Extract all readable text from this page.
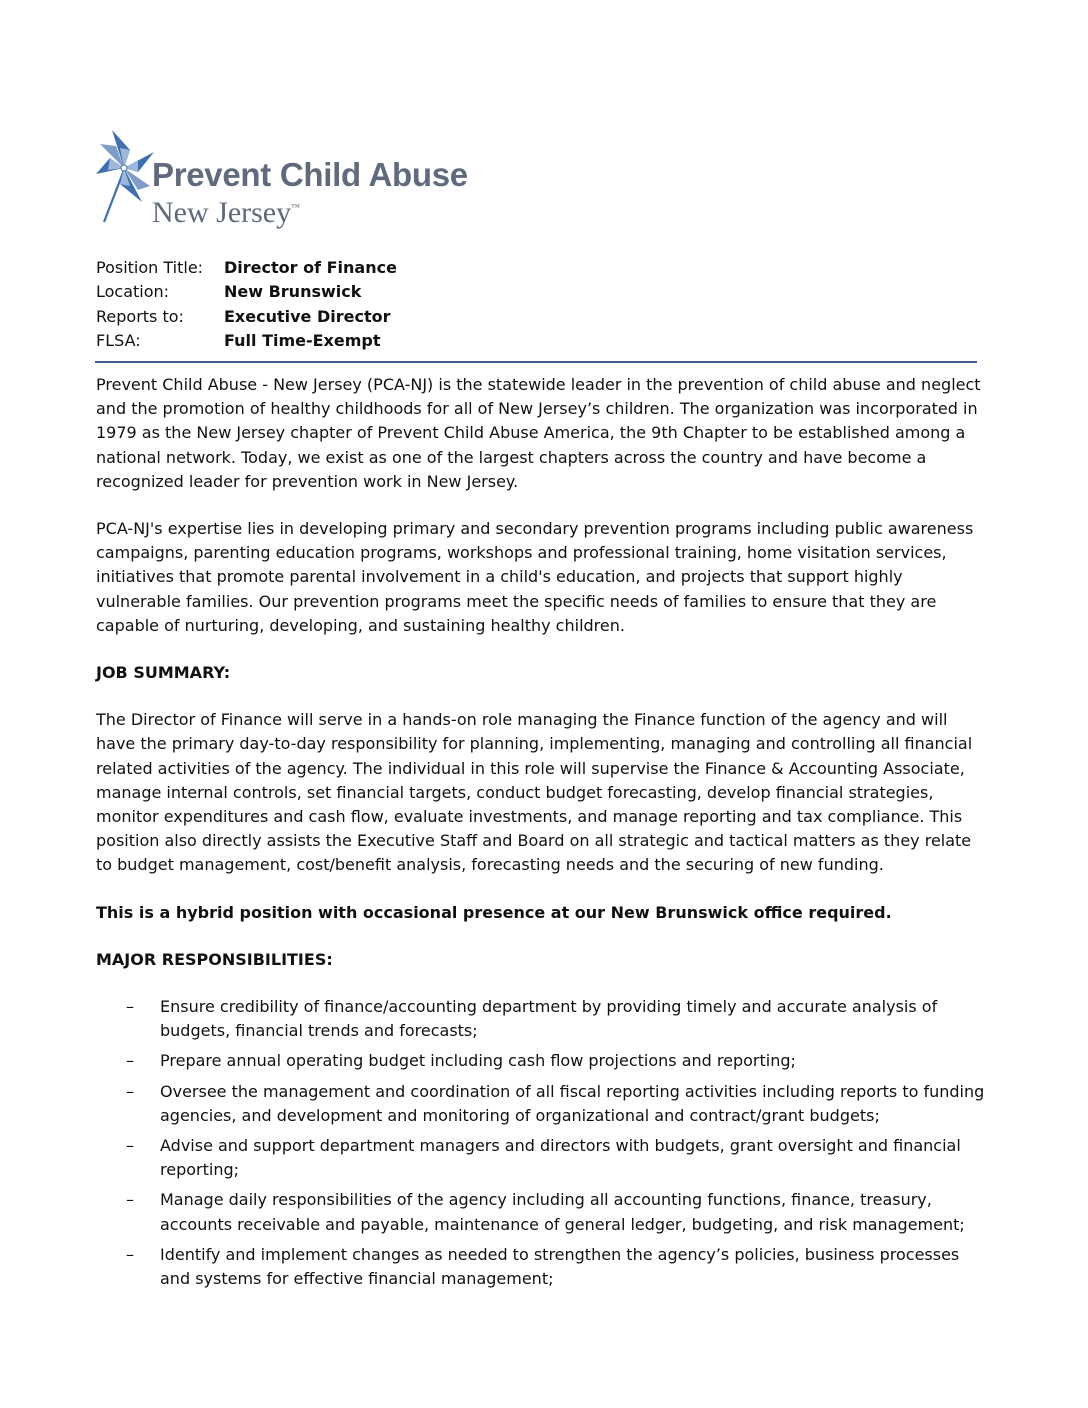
Prevent Child Abuse
New Jersey™
Position Title:	Director of Finance
Location:	New Brunswick
Reports to:	Executive Director
FLSA:	Full Time-Exempt

Prevent Child Abuse - New Jersey (PCA-NJ) is the statewide leader in the prevention of child abuse and neglect and the promotion of healthy childhoods for all of New Jersey’s children. The organization was incorporated in 1979 as the New Jersey chapter of Prevent Child Abuse America, the 9th Chapter to be established among a national network. Today, we exist as one of the largest chapters across the country and have become a recognized leader for prevention work in New Jersey.

PCA-NJ's expertise lies in developing primary and secondary prevention programs including public awareness campaigns, parenting education programs, workshops and professional training, home visitation services, initiatives that promote parental involvement in a child's education, and projects that support highly vulnerable families. Our prevention programs meet the specific needs of families to ensure that they are capable of nurturing, developing, and sustaining healthy children.

JOB SUMMARY:

The Director of Finance will serve in a hands-on role managing the Finance function of the agency and will have the primary day-to-day responsibility for planning, implementing, managing and controlling all financial related activities of the agency. The individual in this role will supervise the Finance & Accounting Associate, manage internal controls, set financial targets, conduct budget forecasting, develop financial strategies, monitor expenditures and cash flow, evaluate investments, and manage reporting and tax compliance. This position also directly assists the Executive Staff and Board on all strategic and tactical matters as they relate to budget management, cost/benefit analysis, forecasting needs and the securing of new funding.

This is a hybrid position with occasional presence at our New Brunswick office required.

MAJOR RESPONSIBILITIES:

– Ensure credibility of finance/accounting department by providing timely and accurate analysis of budgets, financial trends and forecasts;
– Prepare annual operating budget including cash flow projections and reporting;
– Oversee the management and coordination of all fiscal reporting activities including reports to funding agencies, and development and monitoring of organizational and contract/grant budgets;
– Advise and support department managers and directors with budgets, grant oversight and financial reporting;
– Manage daily responsibilities of the agency including all accounting functions, finance, treasury, accounts receivable and payable, maintenance of general ledger, budgeting, and risk management;
– Identify and implement changes as needed to strengthen the agency’s policies, business processes and systems for effective financial management;
